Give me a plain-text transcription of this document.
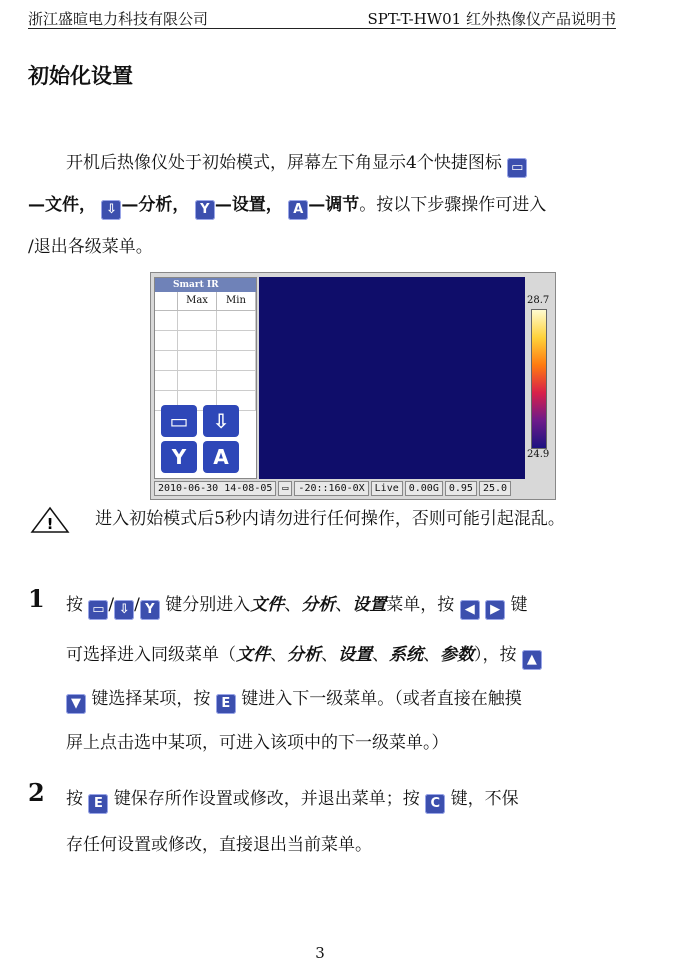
浙江盛暄电力科技有限公司	SPT-T-HW01 红外热像仪产品说明书
初始化设置
开机后热像仪处于初始模式，屏幕左下角显示4个快捷图标 ▭
—文件， ⇩ —分析， Y —设置， A —调节。按以下步骤操作可进入
/退出各级菜单。
Smart IR
Max	Min
▭	⇩
Y	A
28.7
24.9
2010-06-30 14-08-05	▭	-20::160-0X	Live	0.00G	0.95	25.0
! 进入初始模式后5秒内请勿进行任何操作，否则可能引起混乱。
1 按 ▭ / ⇩ / Y 键分别进入文件、分析、设置菜单，按 ◀ ▶ 键
可选择进入同级菜单（文件、分析、设置、系统、参数），按 ▲
▼ 键选择某项，按 E 键进入下一级菜单。（或者直接在触摸
屏上点击选中某项，可进入该项中的下一级菜单。）
2 按 E 键保存所作设置或修改，并退出菜单；按 C 键，不保
存任何设置或修改，直接退出当前菜单。
3
